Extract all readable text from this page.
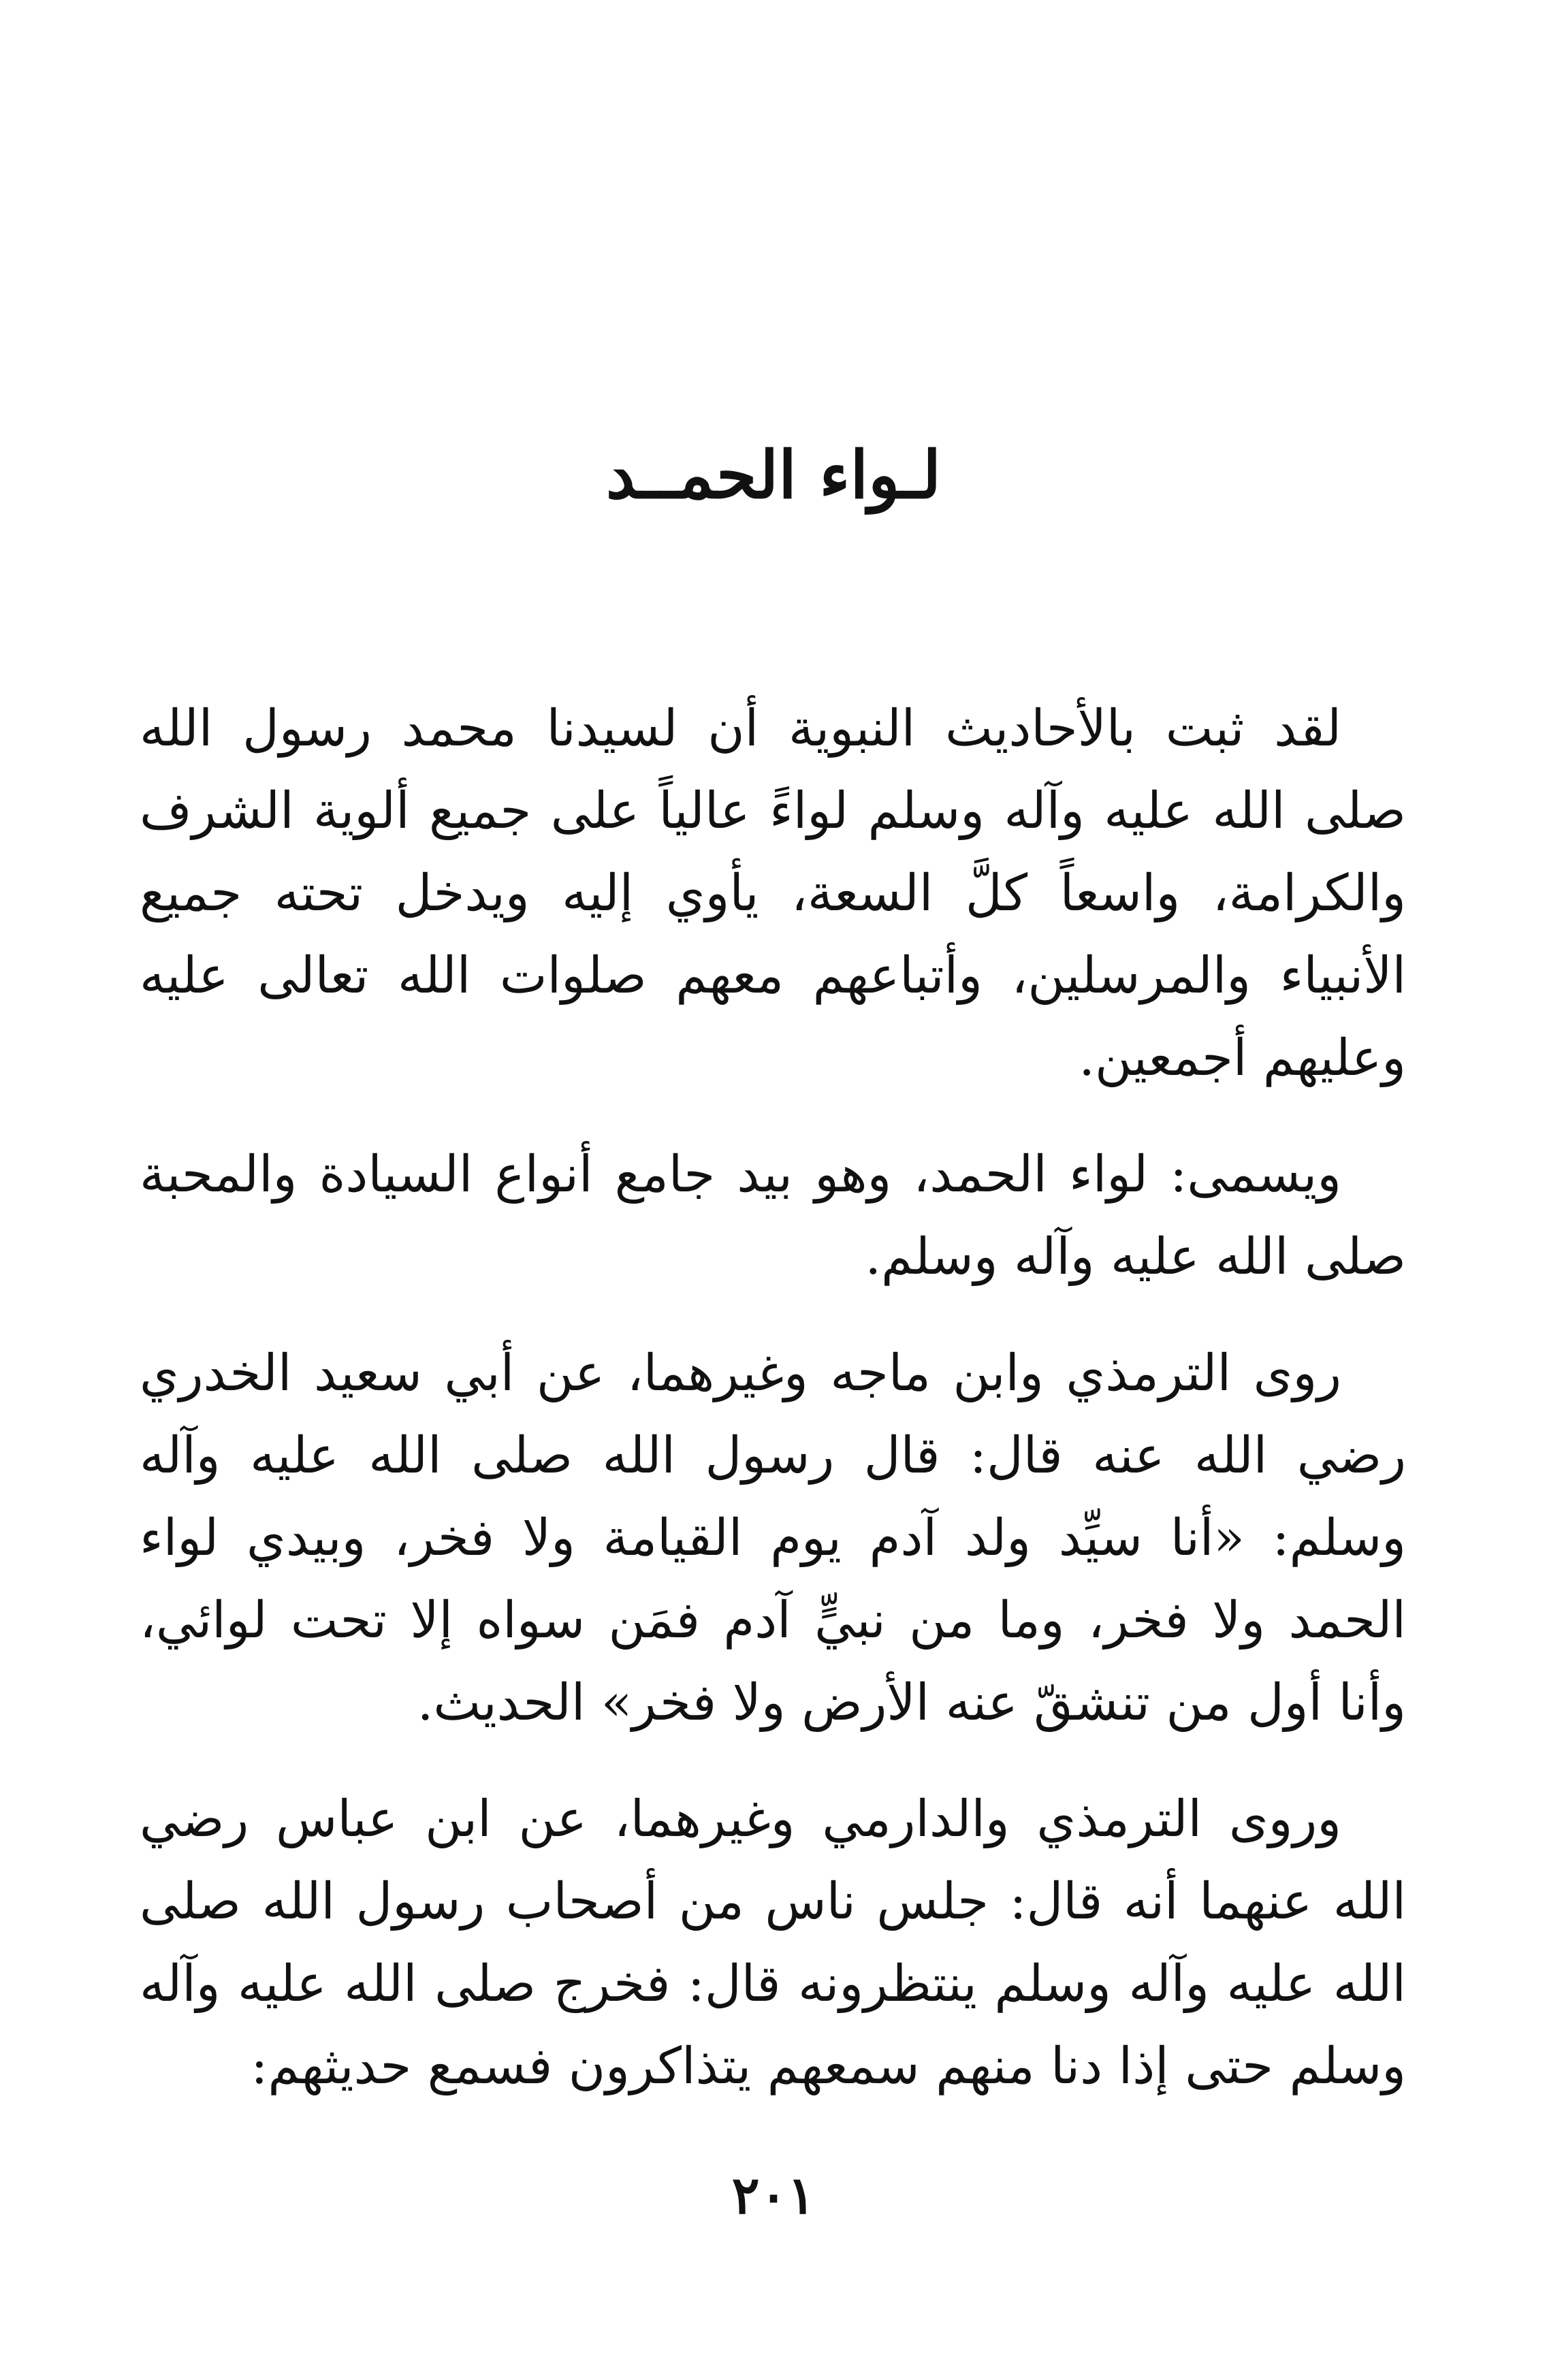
لـواء الحمــد

لقد ثبت بالأحاديث النبوية أن لسيدنا محمد رسول الله صلى الله عليه وآله وسلم لواءً عالياً على جميع ألوية الشرف والكرامة، واسعاً كلَّ السعة، يأوي إليه ويدخل تحته جميع الأنبياء والمرسلين، وأتباعهم معهم صلوات الله تعالى عليه وعليهم أجمعين.

ويسمى: لواء الحمد، وهو بيد جامع أنواع السيادة والمحبة صلى الله عليه وآله وسلم.

روى الترمذي وابن ماجه وغيرهما، عن أبي سعيد الخدري رضي الله عنه قال: قال رسول الله صلى الله عليه وآله وسلم: «أنا سيِّد ولد آدم يوم القيامة ولا فخر، وبيدي لواء الحمد ولا فخر، وما من نبيٍّ آدم فمَن سواه إلا تحت لوائي، وأنا أول من تنشقّ عنه الأرض ولا فخر» الحديث.

وروى الترمذي والدارمي وغيرهما، عن ابن عباس رضي الله عنهما أنه قال: جلس ناس من أصحاب رسول الله صلى الله عليه وآله وسلم ينتظرونه قال: فخرج صلى الله عليه وآله وسلم حتى إذا دنا منهم سمعهم يتذاكرون فسمع حديثهم:

٢٠١
